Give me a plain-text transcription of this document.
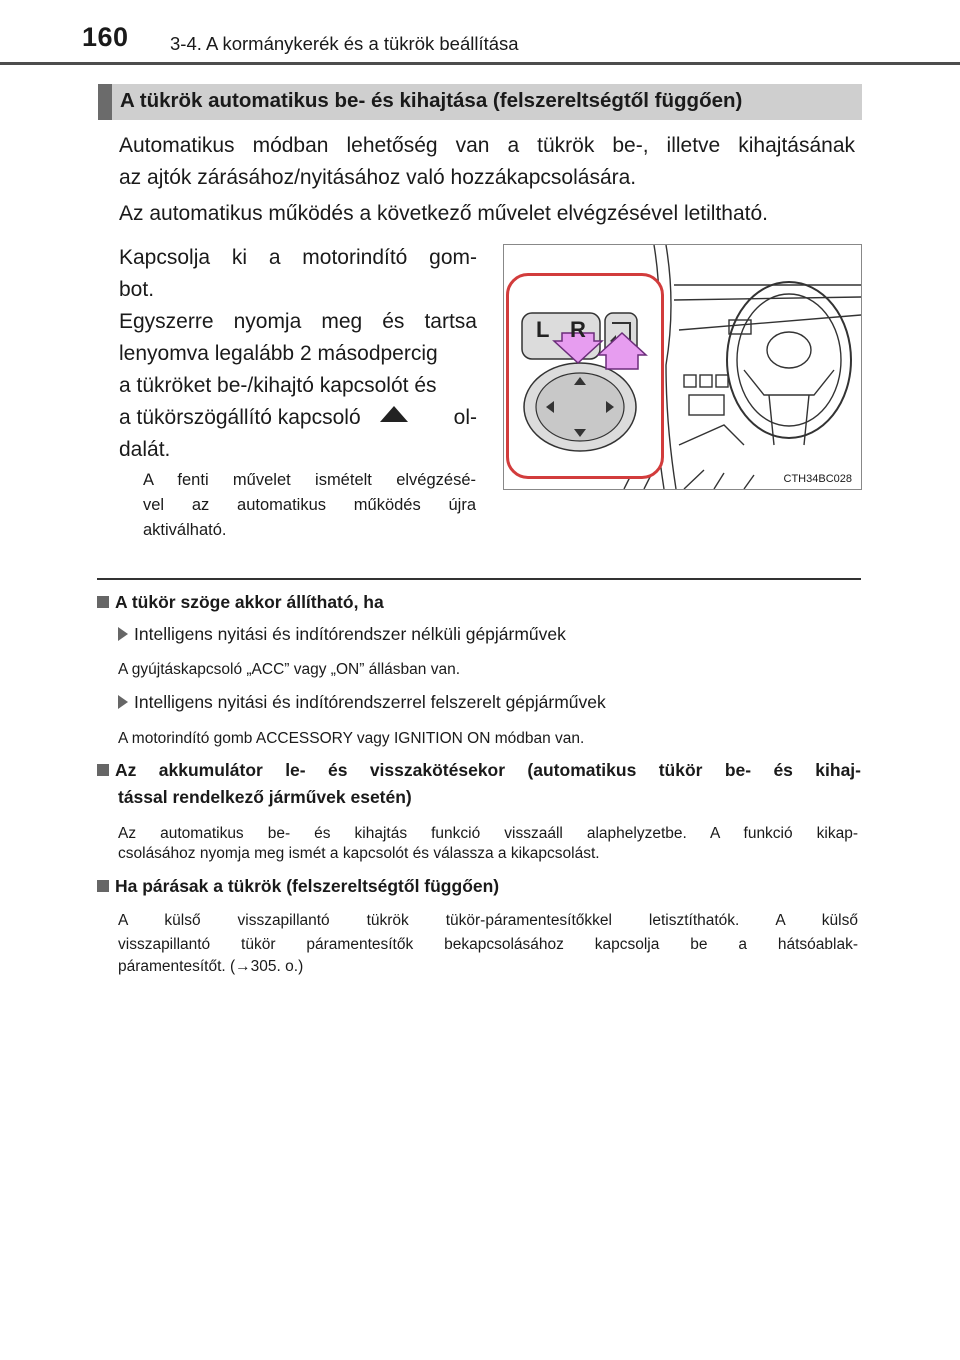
160 3-4. A kormánykerék és a tükrök beállítása
A tükrök automatikus be- és kihajtása (felszereltségtől függően)
Automatikus módban lehetőség van a tükrök be-, illetve kihajtásának
az ajtók zárásához/nyitásához való hozzákapcsolására.
Az automatikus működés a következő művelet elvégzésével letiltható.
Kapcsolja ki a motorindító gom-
bot.
Egyszerre nyomja meg és tartsa
lenyomva legalább 2 másodpercig
a tükröket be-/kihajtó kapcsolót és
a tükörszögállító kapcsoló	ol-
dalát.
A fenti művelet ismételt elvégzésé-
vel az automatikus működés újra
aktiválható.
L R
CTH34BC028
A tükör szöge akkor állítható, ha
Intelligens nyitási és indítórendszer nélküli gépjárművek
A gyújtáskapcsoló „ACC” vagy „ON” állásban van.
Intelligens nyitási és indítórendszerrel felszerelt gépjárművek
A motorindító gomb ACCESSORY vagy IGNITION ON módban van.
Az akkumulátor le- és visszakötésekor (automatikus tükör be- és kihaj-
tással rendelkező járművek esetén)
Az automatikus be- és kihajtás funkció visszaáll alaphelyzetbe. A funkció kikap-
csolásához nyomja meg ismét a kapcsolót és válassza a kikapcsolást.
Ha párásak a tükrök (felszereltségtől függően)
A külső visszapillantó tükrök tükör-páramentesítőkkel letisztíthatók. A külső
visszapillantó tükör páramentesítők bekapcsolásához kapcsolja be a hátsóablak-
páramentesítőt. (→305. o.)
